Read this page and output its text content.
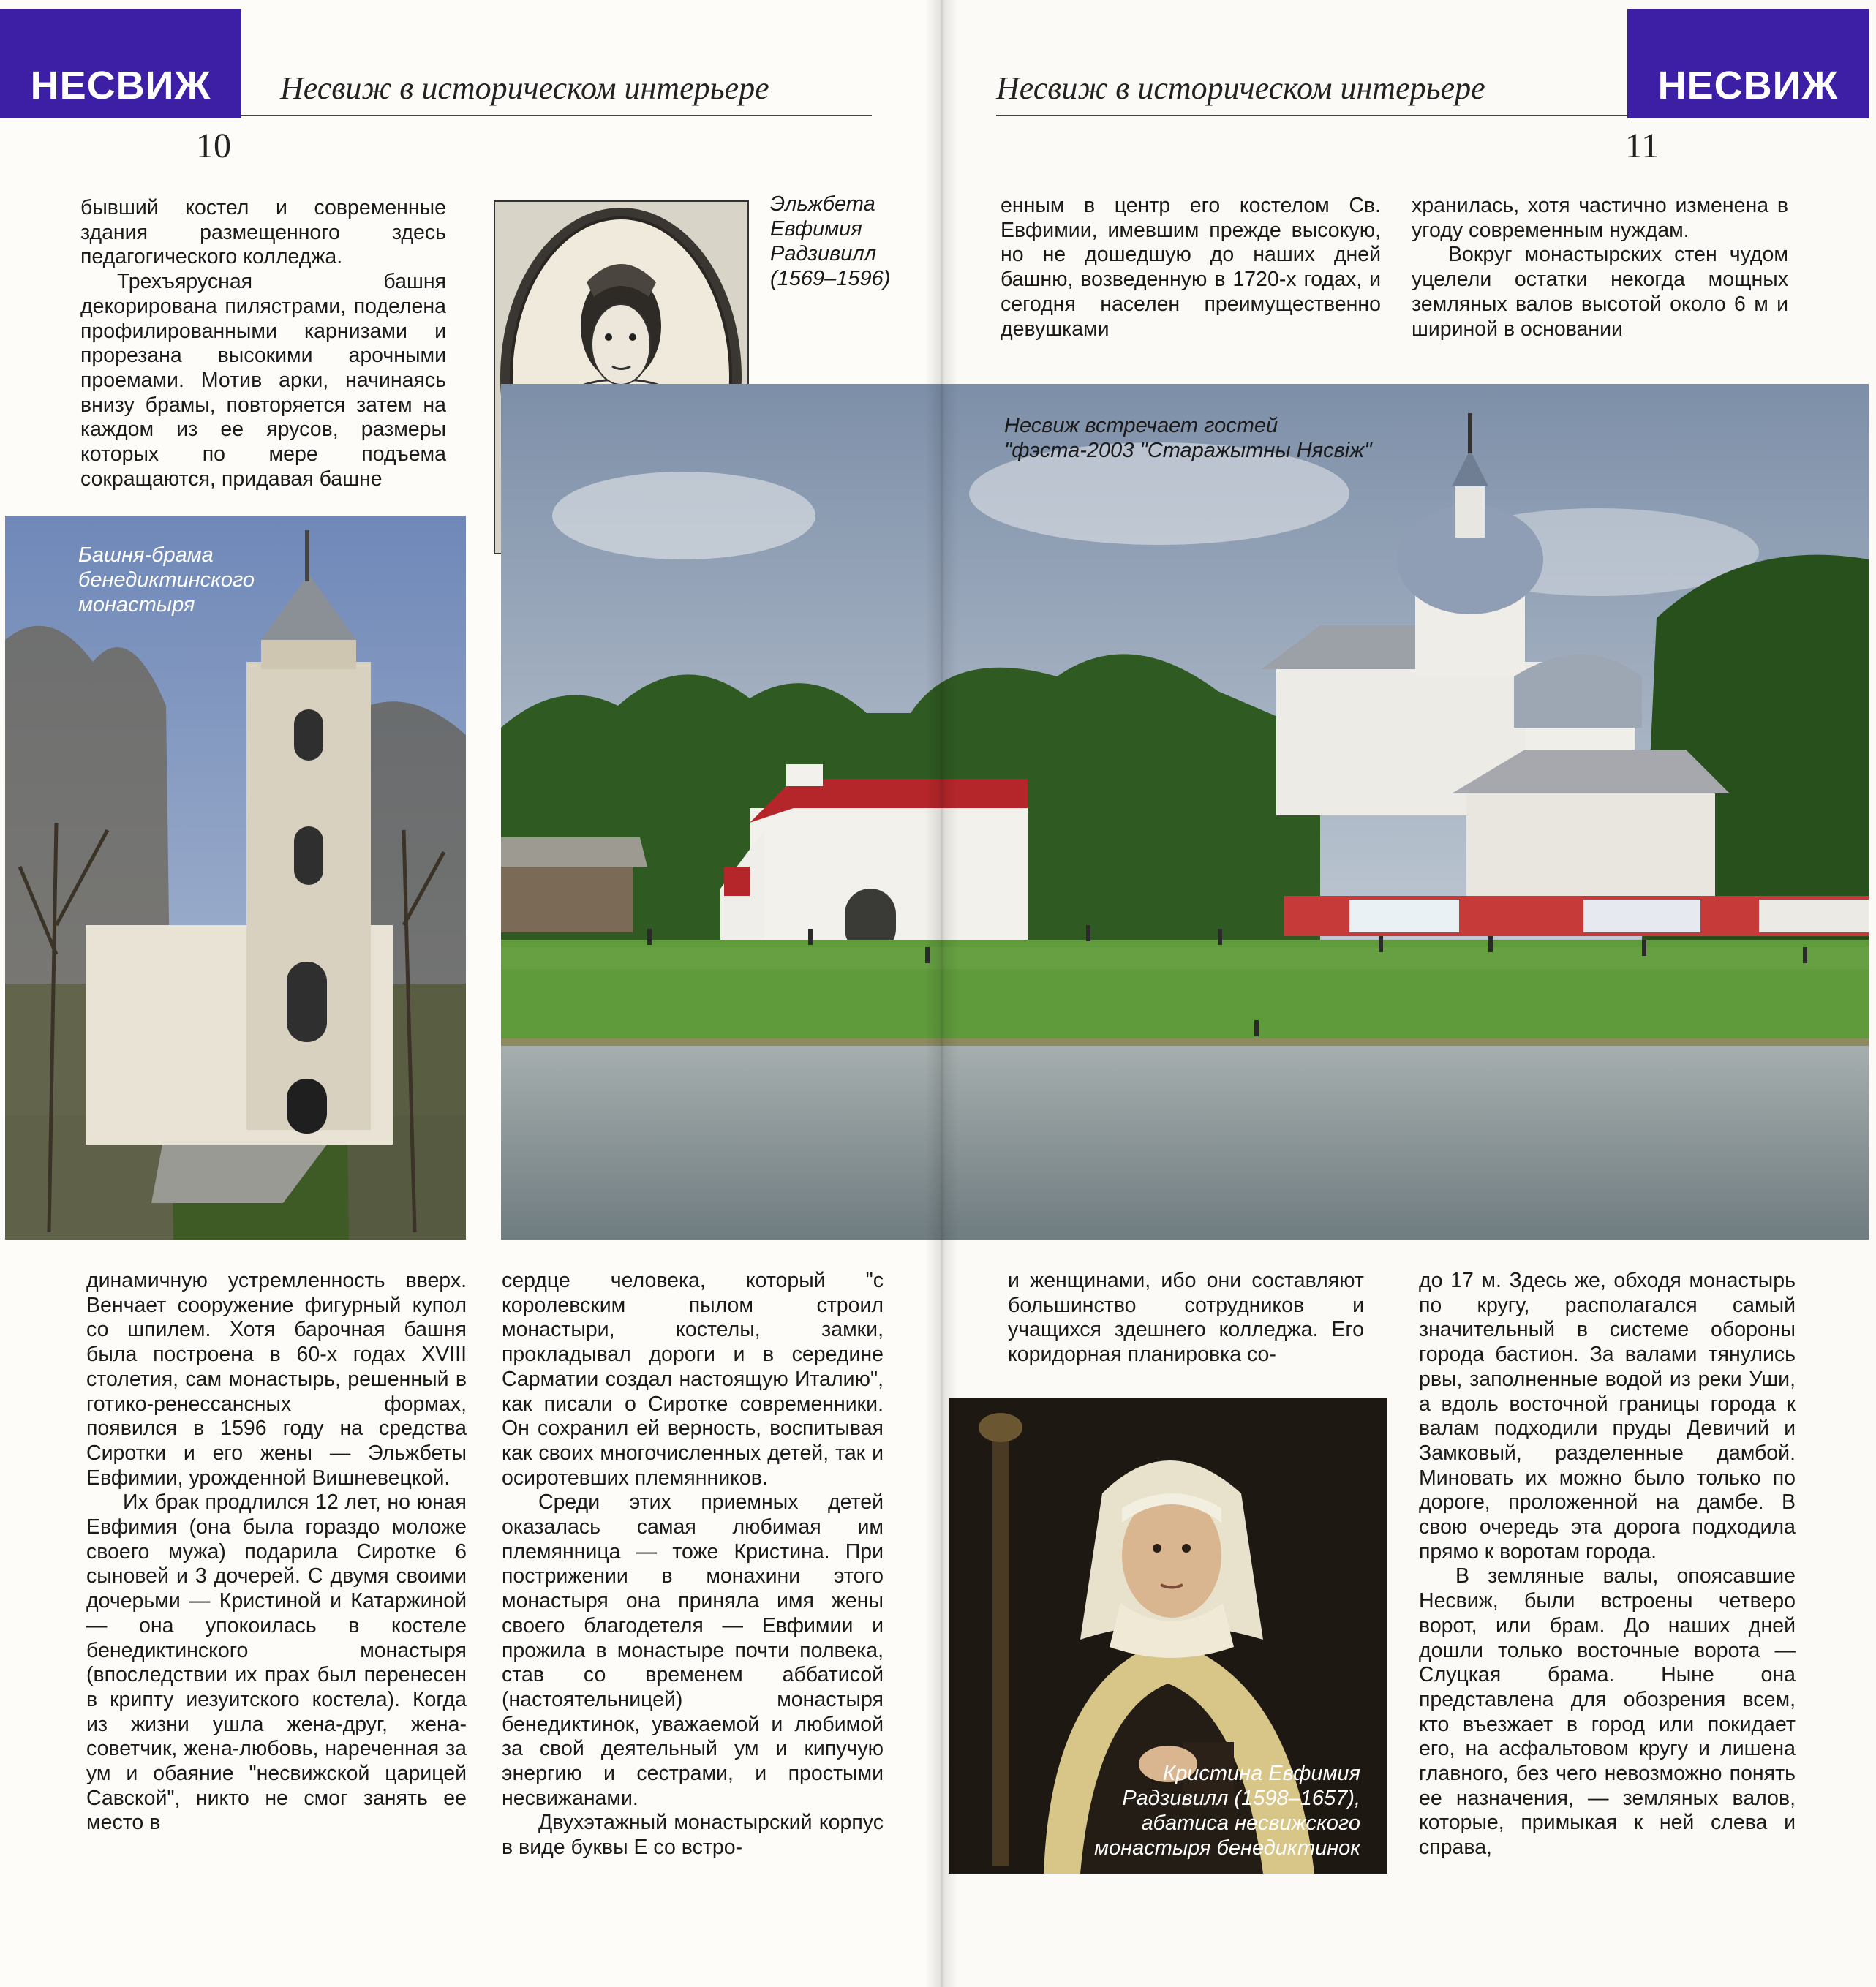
НЕСВИЖ	Несвиж в историческом интерьере
10
НЕСВИЖ
Несвиж в историческом интерьере
11
Эльжбета
Евфимия
Радзивилл
(1569–1596)
Башня-брама
бенедиктинского
монастыря
Несвиж встречает гостей
"фэста-2003 "Старажытны Нясвіж"
Кристина Евфимия
Радзивилл (1598–1657),
абатиса несвижского
монастыря бенедиктинок

бывший костел и современные здания размещенного здесь педагогического колледжа.

Трехъярусная башня декорирована пилястрами, поделена профилированными карнизами и прорезана высокими арочными проемами. Мотив арки, начинаясь внизу брамы, повторяется затем на каждом из ее ярусов, размеры которых по мере подъема сокращаются, придавая башне

динамичную устремленность вверх. Венчает сооружение фигурный купол со шпилем. Хотя барочная башня была построена в 60-х годах XVIII столетия, сам монастырь, решенный в готико-ренессансных формах, появился в 1596 году на средства Сиротки и его жены — Эльжбеты Евфимии, урожденной Вишневецкой.

Их брак продлился 12 лет, но юная Евфимия (она была гораздо моложе своего мужа) подарила Сиротке 6 сыновей и 3 дочерей. С двумя своими дочерьми — Кристиной и Катаржиной — она упокоилась в костеле бенедиктинского монастыря (впоследствии их прах был перенесен в крипту иезуитского костела). Когда из жизни ушла жена-друг, жена-советчик, жена-любовь, нареченная за ум и обаяние "несвижской царицей Савской", никто не смог занять ее место в

сердце человека, который "с королевским пылом строил монастыри, костелы, замки, прокладывал дороги и в середине Сарматии создал настоящую Италию", как писали о Сиротке современники. Он сохранил ей верность, воспитывая как своих многочисленных детей, так и осиротевших племянников.

Среди этих приемных детей оказалась самая любимая им племянница — тоже Кристина. При пострижении в монахини этого монастыря она приняла имя жены своего благодетеля — Евфимии и прожила в монастыре почти полвека, став со временем аббатисой (настоятельницей) монастыря бенедиктинок, уважаемой и любимой за свой деятельный ум и кипучую энергию и сестрами, и простыми несвижанами.

Двухэтажный монастырский корпус в виде буквы Е со встро-

енным в центр его костелом Св. Евфимии, имевшим прежде высокую, но не дошедшую до наших дней башню, возведенную в 1720-х годах, и сегодня населен преимущественно девушками

хранилась, хотя частично изменена в угоду современным нуждам.

Вокруг монастырских стен чудом уцелели остатки некогда мощных земляных валов высотой около 6 м и шириной в основании

и женщинами, ибо они составляют большинство сотрудников и учащихся здешнего колледжа. Его коридорная планировка со-

до 17 м. Здесь же, обходя монастырь по кругу, располагался самый значительный в системе обороны города бастион. За валами тянулись рвы, заполненные водой из реки Уши, а вдоль восточной границы города к валам подходили пруды Девичий и Замковый, разделенные дамбой. Миновать их можно было только по дороге, проложенной на дамбе. В свою очередь эта дорога подходила прямо к воротам города.

В земляные валы, опоясавшие Несвиж, были встроены четверо ворот, или брам. До наших дней дошли только восточные ворота — Слуцкая брама. Ныне она представлена для обозрения всем, кто въезжает в город или покидает его, на асфальтовом кругу и лишена главного, без чего невозможно понять ее назначения, — земляных валов, которые, примыкая к ней слева и справа,
